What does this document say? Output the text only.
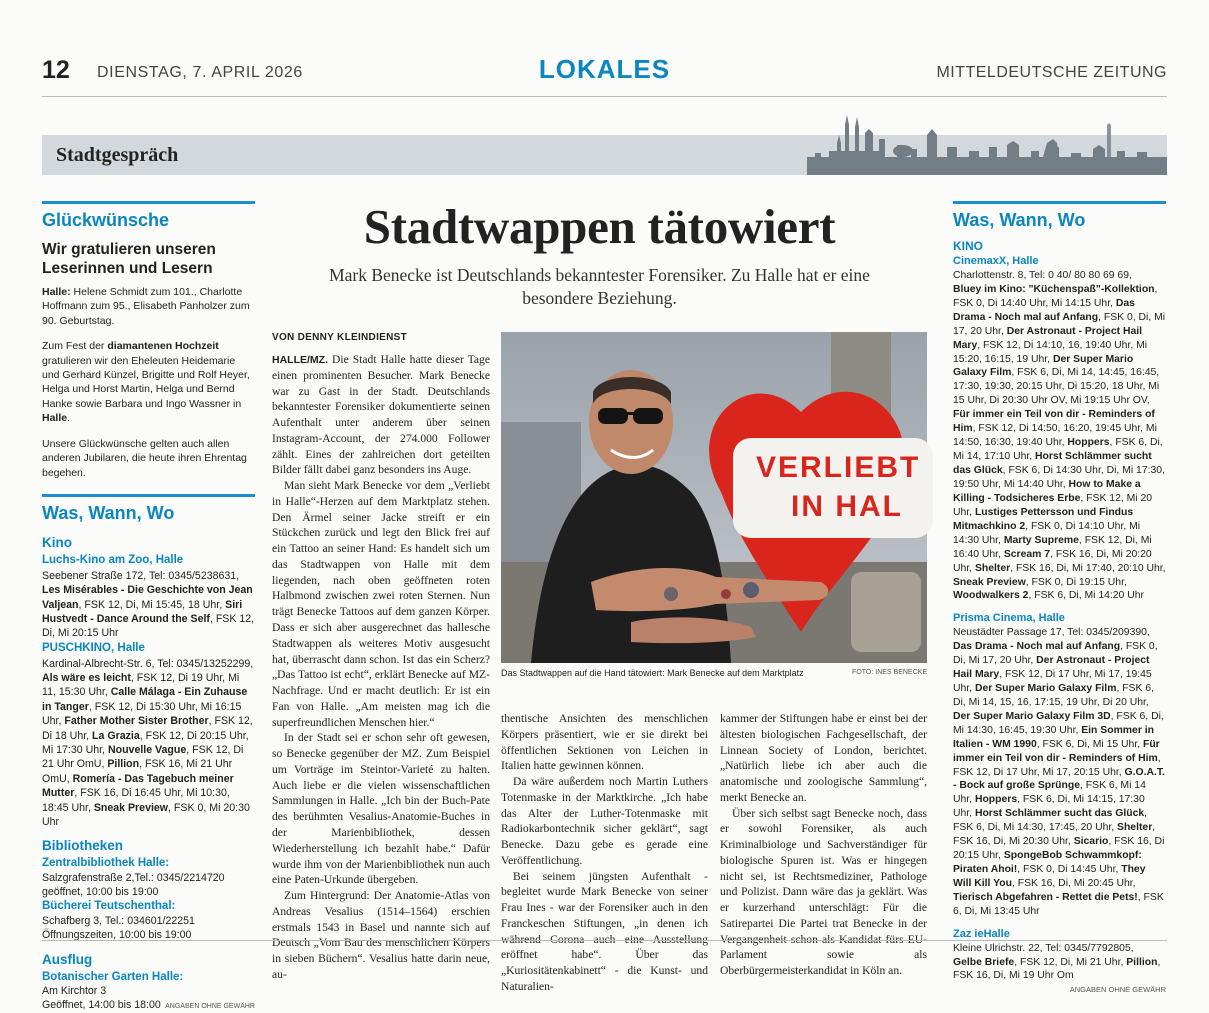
12 DIENSTAG, 7. APRIL 2026	LOKALES	MITTELDEUTSCHE ZEITUNG
Stadtgespräch
Glückwünsche
Wir gratulieren unseren Leserinnen und Lesern

Halle: Helene Schmidt zum 101., Charlotte Hoffmann zum 95., Elisabeth Panholzer zum 90. Geburtstag.

Zum Fest der diamantenen Hochzeit gratulieren wir den Eheleuten Heidemarie und Gerhard Künzel, Brigitte und Rolf Heyer, Helga und Horst Martin, Helga und Bernd Hanke sowie Barbara und Ingo Wassner in Halle.

Unsere Glückwünsche gelten auch allen anderen Jubilaren, die heute ihren Ehrentag begehen.

Was, Wann, Wo
Kino
Luchs-Kino am Zoo, Halle
Seebener Straße 172, Tel: 0345/5238631,
Les Misérables - Die Geschichte von Jean Valjean, FSK 12, Di, Mi 15:45, 18 Uhr, Siri Hustvedt - Dance Around the Self, FSK 12, Di, Mi 20:15 Uhr
PUSCHKINO, Halle
Kardinal-Albrecht-Str. 6, Tel: 0345/13252299,
Als wäre es leicht, FSK 12, Di 19 Uhr, Mi 11, 15:30 Uhr, Calle Málaga - Ein Zuhause in Tanger, FSK 12, Di 15:30 Uhr, Mi 16:15 Uhr, Father Mother Sister Brother, FSK 12, Di 18 Uhr, La Grazia, FSK 12, Di 20:15 Uhr, Mi 17:30 Uhr, Nouvelle Vague, FSK 12, Di 21 Uhr OmU, Pillion, FSK 16, Mi 21 Uhr OmU, Romería - Das Tagebuch meiner Mutter, FSK 16, Di 16:45 Uhr, Mi 10:30, 18:45 Uhr, Sneak Preview, FSK 0, Mi 20:30 Uhr
Bibliotheken
Zentralbibliothek Halle:
Salzgrafenstraße 2,Tel.: 0345/2214720
geöffnet, 10:00 bis 19:00
Bücherei Teutschenthal:
Schafberg 3, Tel.: 034601/22251
Öffnungszeiten, 10:00 bis 19:00
Ausflug
Botanischer Garten Halle:
Am Kirchtor 3
Geöffnet, 14:00 bis 18:00 ANGABEN OHNE GEWÄHR
Stadtwappen tätowiert
Mark Benecke ist Deutschlands bekanntester Forensiker. Zu Halle hat er eine besondere Beziehung.
VON DENNY KLEINDIENST

HALLE/MZ. Die Stadt Halle hatte dieser Tage einen prominenten Besucher. Mark Benecke war zu Gast in der Stadt. Deutschlands bekanntester Forensiker dokumentierte seinen Aufenthalt unter anderem über seinen Instagram-Account, der 274.000 Follower zählt. Eines der zahlreichen dort geteilten Bilder fällt dabei ganz besonders ins Auge.

Man sieht Mark Benecke vor dem „Verliebt in Halle“-Herzen auf dem Marktplatz stehen. Den Ärmel seiner Jacke streift er ein Stückchen zurück und legt den Blick frei auf ein Tattoo an seiner Hand: Es handelt sich um das Stadtwappen von Halle mit dem liegenden, nach oben geöffneten roten Halbmond zwischen zwei roten Sternen. Nun trägt Benecke Tattoos auf dem ganzen Körper. Dass er sich aber ausgerechnet das hallesche Stadtwappen als weiteres Motiv ausgesucht hat, überrascht dann schon. Ist das ein Scherz? „Das Tattoo ist echt“, erklärt Benecke auf MZ-Nachfrage. Und er macht deutlich: Er ist ein Fan von Halle. „Am meisten mag ich die superfreundlichen Menschen hier.“

In der Stadt sei er schon sehr oft gewesen, so Benecke gegenüber der MZ. Zum Beispiel um Vorträge im Steintor-Varieté zu halten. Auch liebe er die vielen wissenschaftlichen Sammlungen in Halle. „Ich bin der Buch-Pate des berühmten Vesalius-Anatomie-Buches in der Marienbibliothek, dessen Wiederherstellung ich bezahlt habe.“ Dafür wurde ihm von der Marienbibliothek nun auch eine Paten-Urkunde übergeben.

Zum Hintergrund: Der Anatomie-Atlas von Andreas Vesalius (1514–1564) erschien erstmals 1543 in Basel und nannte sich auf Deutsch „Vom Bau des menschlichen Körpers in sieben Büchern“. Vesalius hatte darin neue, au-

VERLIEBT
IN HAL
FOTO: INES BENECKE
Das Stadtwappen auf die Hand tätowiert: Mark Benecke auf dem Marktplatz

thentische Ansichten des menschlichen Körpers präsentiert, wie er sie direkt bei öffentlichen Sektionen von Leichen in Italien hatte gewinnen können.

Da wäre außerdem noch Martin Luthers Totenmaske in der Marktkirche. „Ich habe das Alter der Luther-Totenmaske mit Radiokarbontechnik sicher geklärt“, sagt Benecke. Dazu gebe es gerade eine Veröffentlichung.

Bei seinem jüngsten Aufenthalt - begleitet wurde Mark Benecke von seiner Frau Ines - war der Forensiker auch in den Franckeschen Stiftungen, „in denen ich während Corona auch eine Ausstellung eröffnet habe“. Über das „Kuriositätenkabinett“ - die Kunst- und Naturalien-

kammer der Stiftungen habe er einst bei der ältesten biologischen Fachgesellschaft, der Linnean Society of London, berichtet. „Natürlich liebe ich aber auch die anatomische und zoologische Sammlung“, merkt Benecke an.

Über sich selbst sagt Benecke noch, dass er sowohl Forensiker, als auch Kriminalbiologe und Sachverständiger für biologische Spuren ist. Was er hingegen nicht sei, ist Rechtsmediziner, Pathologe und Polizist. Dann wäre das ja geklärt. Was er kurzerhand unterschlägt: Für die Satirepartei Die Partei trat Benecke in der Vergangenheit schon als Kandidat fürs EU-Parlament sowie als Oberbürgermeisterkandidat in Köln an.

Was, Wann, Wo
KINO
CinemaxX, Halle
Charlottenstr. 8, Tel: 0 40/ 80 80 69 69,
Bluey im Kino: "Küchenspaß"-Kollektion, FSK 0, Di 14:40 Uhr, Mi 14:15 Uhr, Das Drama - Noch mal auf Anfang, FSK 0, Di, Mi 17, 20 Uhr, Der Astronaut - Project Hail Mary, FSK 12, Di 14:10, 16, 19:40 Uhr, Mi 15:20, 16:15, 19 Uhr, Der Super Mario Galaxy Film, FSK 6, Di, Mi 14, 14:45, 16:45, 17:30, 19:30, 20:15 Uhr, Di 15:20, 18 Uhr, Mi 15 Uhr, Di 20:30 Uhr OV, Mi 19:15 Uhr OV, Für immer ein Teil von dir - Reminders of Him, FSK 12, Di 14:50, 16:20, 19:45 Uhr, Mi 14:50, 16:30, 19:40 Uhr, Hoppers, FSK 6, Di, Mi 14, 17:10 Uhr, Horst Schlämmer sucht das Glück, FSK 6, Di 14:30 Uhr, Di, Mi 17:30, 19:50 Uhr, Mi 14:40 Uhr, How to Make a Killing - Todsicheres Erbe, FSK 12, Mi 20 Uhr, Lustiges Pettersson und Findus Mitmachkino 2, FSK 0, Di 14:10 Uhr, Mi 14:30 Uhr, Marty Supreme, FSK 12, Di, Mi 16:40 Uhr, Scream 7, FSK 16, Di, Mi 20:20 Uhr, Shelter, FSK 16, Di, Mi 17:40, 20:10 Uhr, Sneak Preview, FSK 0, Di 19:15 Uhr, Woodwalkers 2, FSK 6, Di, Mi 14:20 Uhr
Prisma Cinema, Halle
Neustädter Passage 17, Tel: 0345/209390,
Das Drama - Noch mal auf Anfang, FSK 0, Di, Mi 17, 20 Uhr, Der Astronaut - Project Hail Mary, FSK 12, Di 17 Uhr, Mi 17, 19:45 Uhr, Der Super Mario Galaxy Film, FSK 6, Di, Mi 14, 15, 16, 17:15, 19 Uhr, Di 20 Uhr, Der Super Mario Galaxy Film 3D, FSK 6, Di, Mi 14:30, 16:45, 19:30 Uhr, Ein Sommer in Italien - WM 1990, FSK 6, Di, Mi 15 Uhr, Für immer ein Teil von dir - Reminders of Him, FSK 12, Di 17 Uhr, Mi 17, 20:15 Uhr, G.O.A.T. - Bock auf große Sprünge, FSK 6, Mi 14 Uhr, Hoppers, FSK 6, Di, Mi 14:15, 17:30 Uhr, Horst Schlämmer sucht das Glück, FSK 6, Di, Mi 14:30, 17:45, 20 Uhr, Shelter, FSK 16, Di, Mi 20:30 Uhr, Sicario, FSK 16, Di 20:15 Uhr, SpongeBob Schwammkopf: Piraten Ahoi!, FSK 0, Di 14:45 Uhr, They Will Kill You, FSK 16, Di, Mi 20:45 Uhr, Tierisch Abgefahren - Rettet die Pets!, FSK 6, Di, Mi 13:45 Uhr
Zaz ieHalle
Kleine Ulrichstr. 22, Tel: 0345/7792805,
Gelbe Briefe, FSK 12, Di, Mi 21 Uhr, Pillion, FSK 16, Di, Mi 19 Uhr Om
ANGABEN OHNE GEWÄHR
